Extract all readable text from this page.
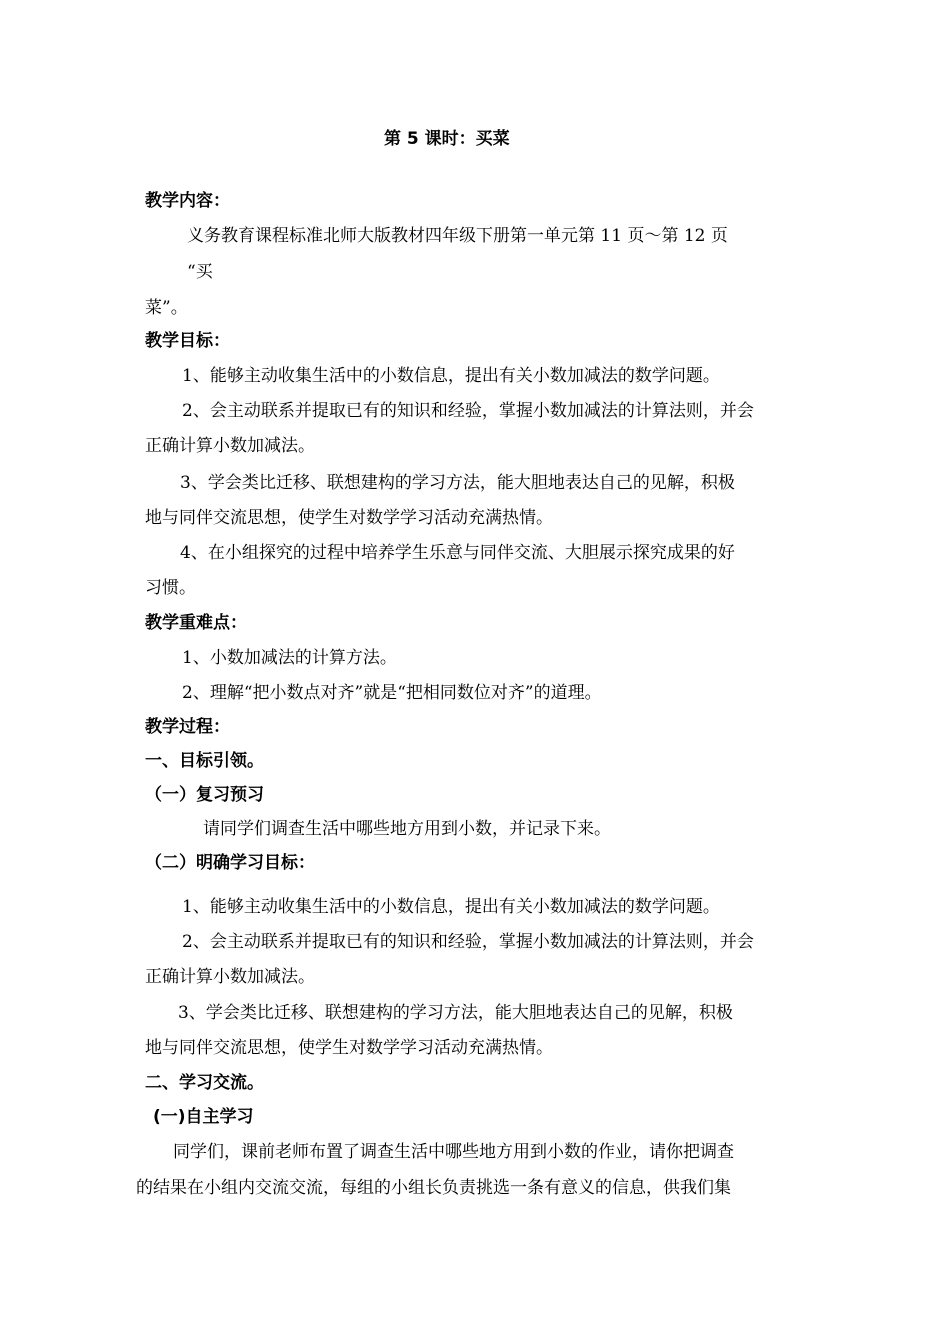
第 5 课时：买菜
教学内容：
义务教育课程标准北师大版教材四年级下册第一单元第 11 页～第 12 页
“买
菜”。
教学目标：
1、能够主动收集生活中的小数信息，提出有关小数加减法的数学问题。
2、会主动联系并提取已有的知识和经验，掌握小数加减法的计算法则，并会
正确计算小数加减法。
3、学会类比迁移、联想建构的学习方法，能大胆地表达自己的见解，积极
地与同伴交流思想，使学生对数学学习活动充满热情。
4、在小组探究的过程中培养学生乐意与同伴交流、大胆展示探究成果的好
习惯。
教学重难点：
1、小数加减法的计算方法。
2、理解“把小数点对齐”就是“把相同数位对齐”的道理。
教学过程：
一、目标引领。
（一）复习预习
请同学们调查生活中哪些地方用到小数，并记录下来。
（二）明确学习目标：
1、能够主动收集生活中的小数信息，提出有关小数加减法的数学问题。
2、会主动联系并提取已有的知识和经验，掌握小数加减法的计算法则，并会
正确计算小数加减法。
3、学会类比迁移、联想建构的学习方法，能大胆地表达自己的见解，积极
地与同伴交流思想，使学生对数学学习活动充满热情。
二、学习交流。
(一)自主学习
同学们，课前老师布置了调查生活中哪些地方用到小数的作业，请你把调查
的结果在小组内交流交流，每组的小组长负责挑选一条有意义的信息，供我们集
